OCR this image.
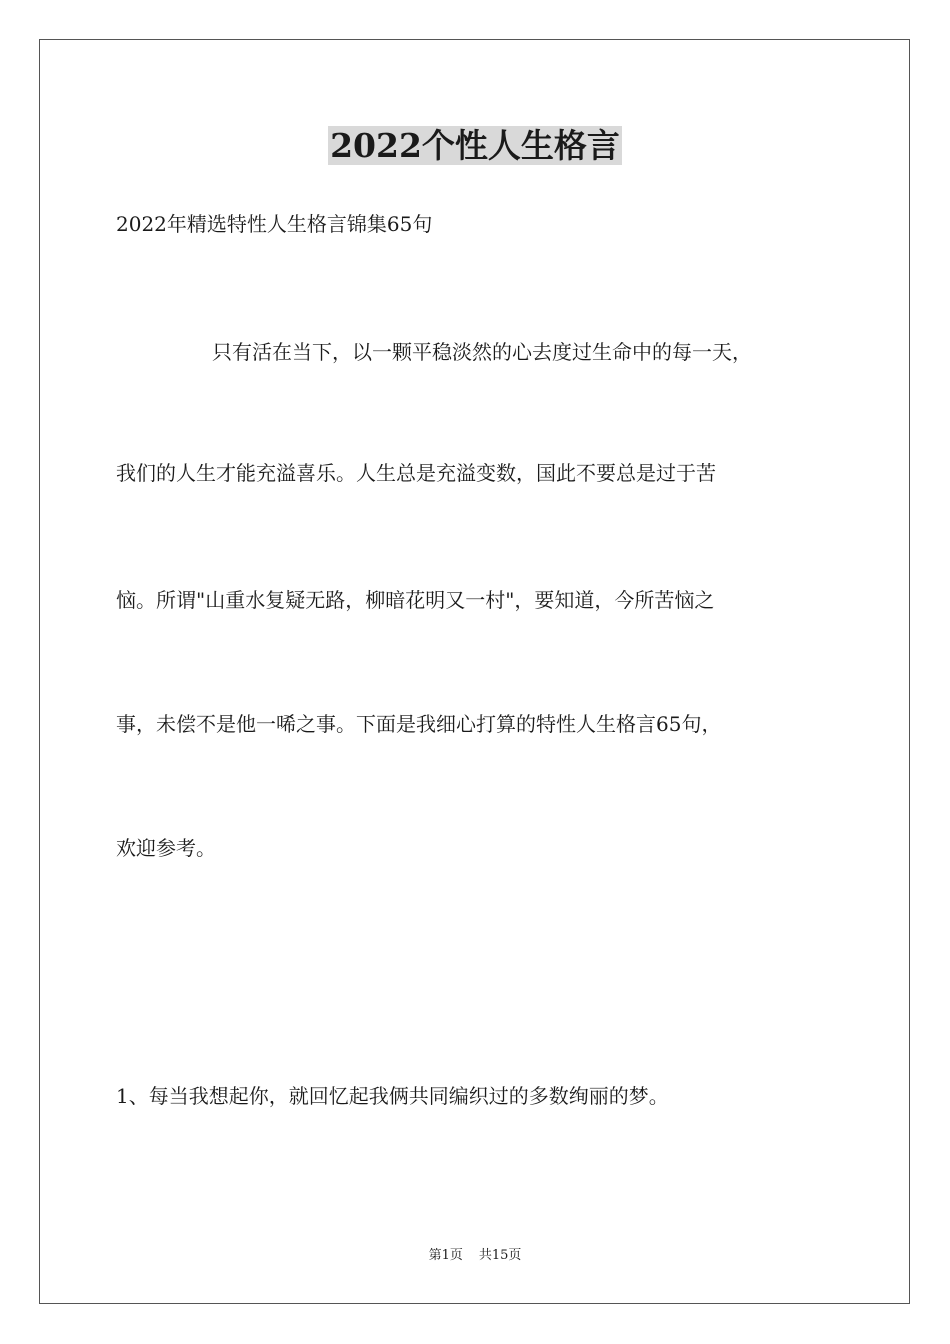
2022个性人生格言
2022年精选特性人生格言锦集65句
只有活在当下，以一颗平稳淡然的心去度过生命中的每一天，
我们的人生才能充溢喜乐。人生总是充溢变数，国此不要总是过于苦
恼。所谓"山重水复疑无路，柳暗花明又一村"，要知道，今所苦恼之
事，未偿不是他一唏之事。下面是我细心打算的特性人生格言65句，
欢迎参考。
1、每当我想起你，就回忆起我俩共同编织过的多数绚丽的梦。
第1页 共15页
